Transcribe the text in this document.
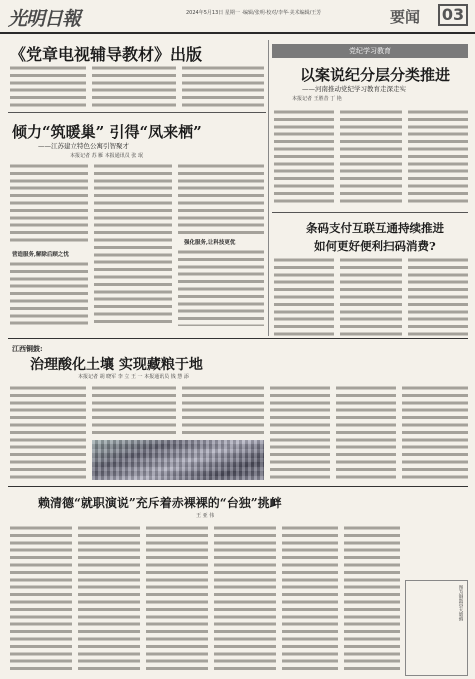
光明日報	2024年5月13日 星期一 ·编辑/张明·校对/李华·美术编辑/王芳	要闻 03
《党章电视辅导教材》出版
倾力“筑暖巢” 引得“凤来栖”
——江苏建立特色公寓引智聚才
本报记者 苏 雁 本报通讯员 张 珉
营造服务,解除后顾之忧
强化服务,让科技更优
党纪学习教育
以案说纪分层分类推进
——河南推动党纪学习教育走深走实
本报记者 王胜昔 丁 艳
条码支付互联互通持续推进
如何更好便利扫码消费?
江西铜鼓:
治理酸化土壤 实现藏粮于地
本报记者 胡 晓军 李 立 王 一 本报通讯员 钱 慧 添
赖清德“就职演说”充斥着赤裸裸的“台独”挑衅
王 亚 伟
图为铜鼓县大塅镇
